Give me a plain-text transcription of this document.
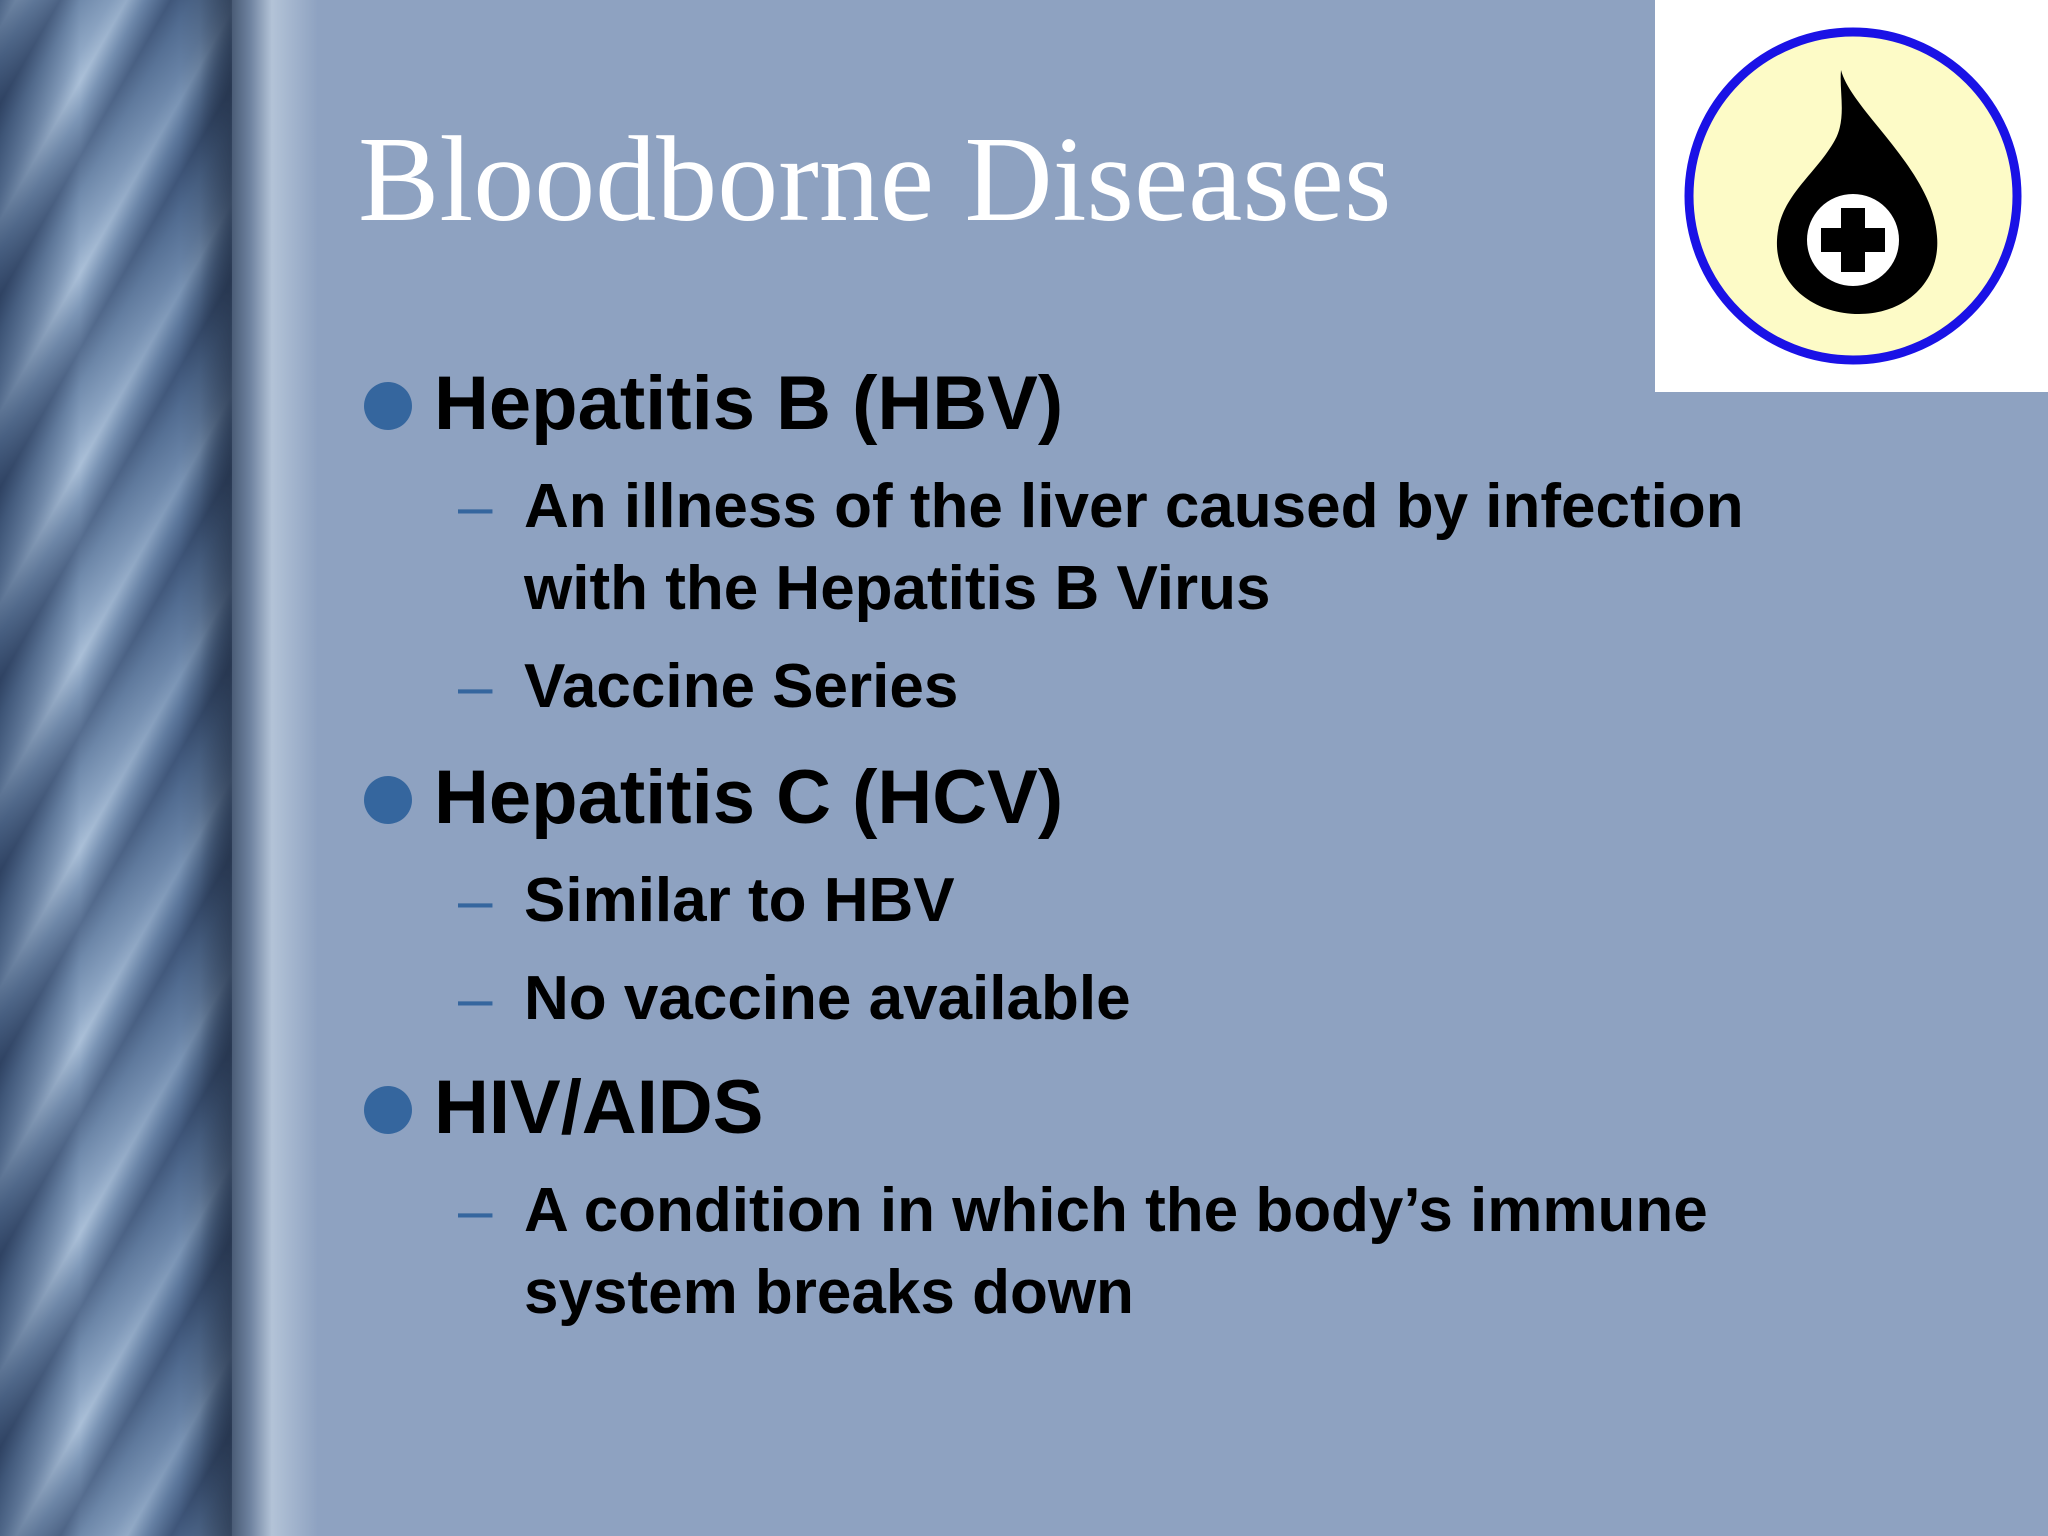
Bloodborne Diseases
Hepatitis B (HBV)
– An illness of the liver caused by infection
with the Hepatitis B Virus
– Vaccine Series
Hepatitis C (HCV)
– Similar to HBV
– No vaccine available
HIV/AIDS
– A condition in which the body’s immune
system breaks down
